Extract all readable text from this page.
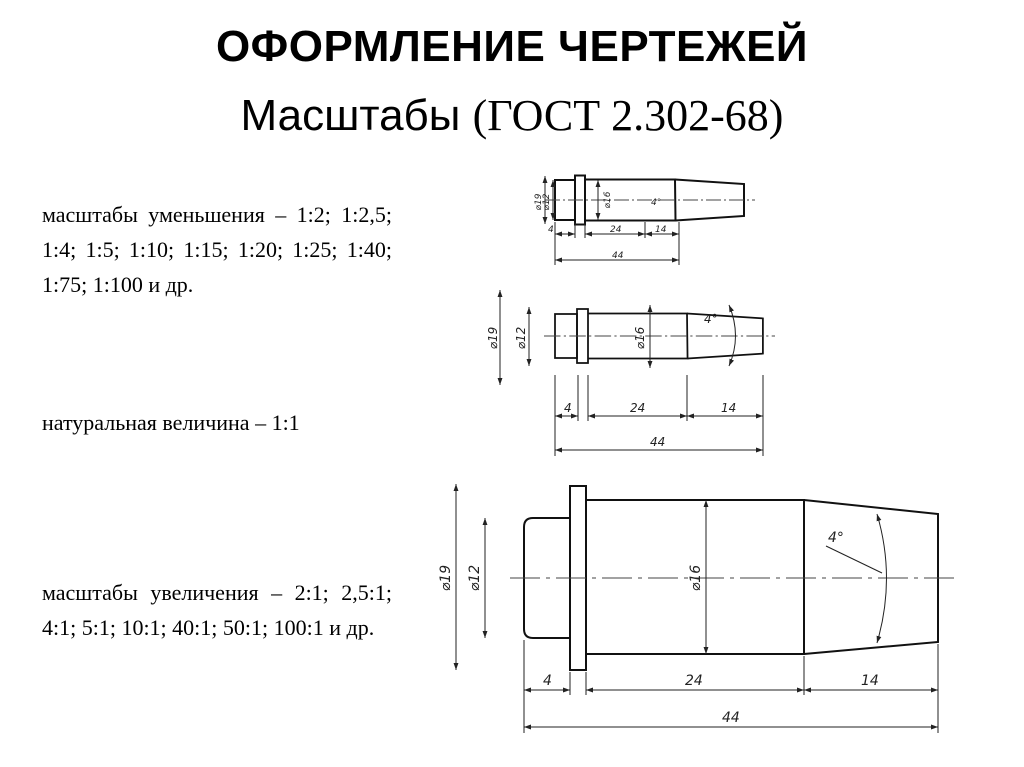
ОФОРМЛЕНИЕ ЧЕРТЕЖЕЙ
Масштабы (ГОСТ 2.302-68)
масштабы уменьшения – 1:2; 1:2,5; 1:4; 1:5; 1:10; 1:15; 1:20; 1:25; 1:40; 1:75; 1:100 и др.
натуральная величина – 1:1
масштабы увеличения – 2:1; 2,5:1; 4:1; 5:1; 10:1; 40:1; 50:1; 100:1 и др.
⌀19
⌀12	⌀16	4°
4	24	14
44
⌀19 ⌀12	⌀16
4°
4	24	14
44
⌀19 ⌀12	⌀16
4°
4	24	14
44
